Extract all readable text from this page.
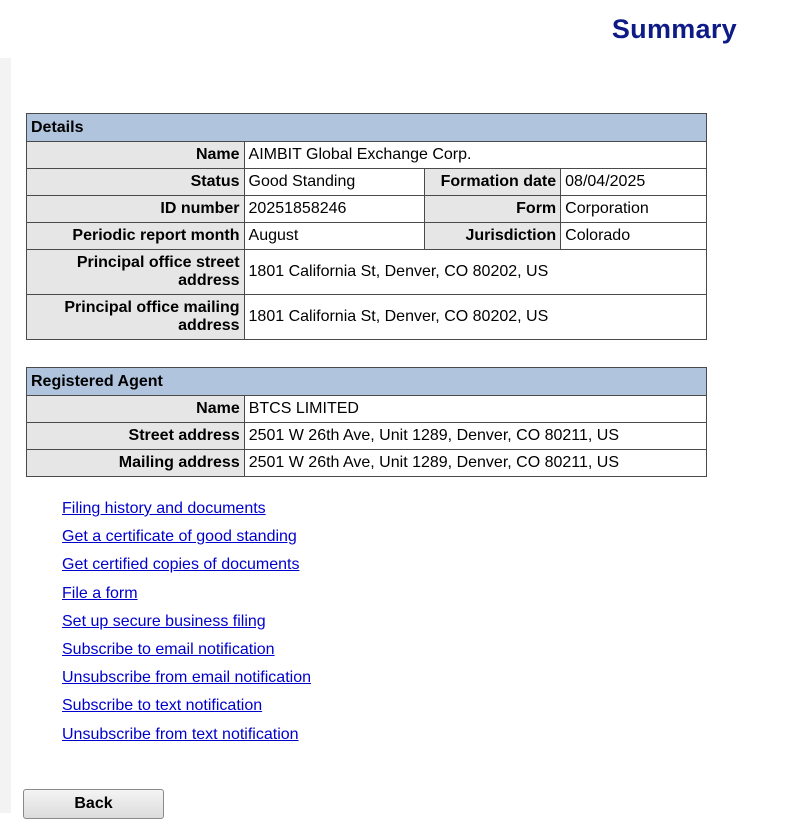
Summary
Details			
Name	AIMBIT Global Exchange Corp.		
Status	Good Standing	Formation date	08/04/2025
ID number	20251858246	Form	Corporation
Periodic report month	August	Jurisdiction	Colorado
Principal office street address	1801 California St, Denver, CO 80202, US		
Principal office mailing address	1801 California St, Denver, CO 80202, US		
Registered Agent	
Name	BTCS LIMITED
Street address	2501 W 26th Ave, Unit 1289, Denver, CO 80211, US
Mailing address	2501 W 26th Ave, Unit 1289, Denver, CO 80211, US
Filing history and documents
Get a certificate of good standing
Get certified copies of documents
File a form
Set up secure business filing
Subscribe to email notification
Unsubscribe from email notification
Subscribe to text notification
Unsubscribe from text notification
Back
